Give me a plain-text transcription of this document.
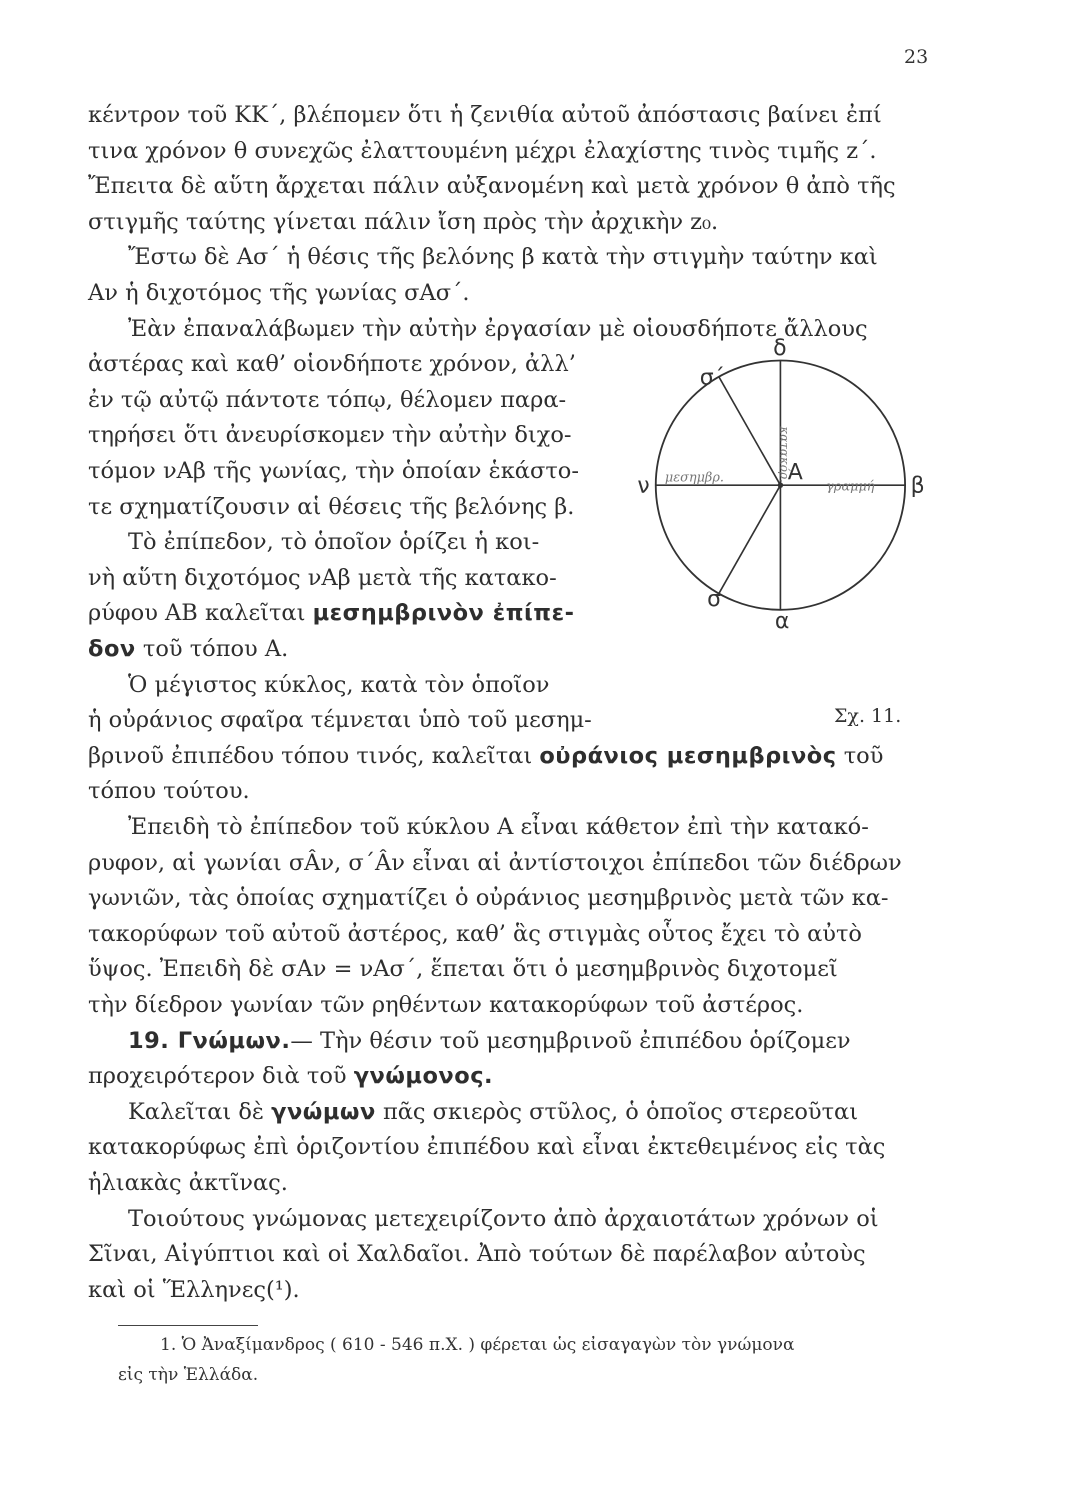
23
κέντρον τοῦ ΚΚ΄, βλέπομεν ὅτι ἡ ζενιθία αὐτοῦ ἀπόστασις βαίνει ἐπί
τινα χρόνον θ συνεχῶς ἐλαττουμένη μέχρι ἐλαχίστης τινὸς τιμῆς z΄.
Ἔπειτα δὲ αὕτη ἄρχεται πάλιν αὐξανομένη καὶ μετὰ χρόνον θ ἀπὸ τῆς
στιγμῆς ταύτης γίνεται πάλιν ἴση πρὸς τὴν ἀρχικὴν z₀.
Ἔστω δὲ Ασ΄ ἡ θέσις τῆς βελόνης β κατὰ τὴν στιγμὴν ταύτην καὶ
Αν ἡ διχοτόμος τῆς γωνίας σΑσ΄.
Ἐὰν ἐπαναλάβωμεν τὴν αὐτὴν ἐργασίαν μὲ οἱουσδήποτε ἄλλους
ἀστέρας καὶ καθ’ οἱονδήποτε χρόνον, ἀλλ’
ἐν τῷ αὐτῷ πάντοτε τόπῳ, θέλομεν παρα-
τηρήσει ὅτι ἀνευρίσκομεν τὴν αὐτὴν διχο-
τόμον νΑβ τῆς γωνίας, τὴν ὁποίαν ἑκάστο-
τε σχηματίζουσιν αἱ θέσεις τῆς βελόνης β.
Τὸ ἐπίπεδον, τὸ ὁποῖον ὁρίζει ἡ κοι-
νὴ αὕτη διχοτόμος νΑβ μετὰ τῆς κατακο-
ρύφου ΑΒ καλεῖται μεσημβρινὸν ἐπίπε-
δον τοῦ τόπου Α.
Ὁ μέγιστος κύκλος, κατὰ τὸν ὁποῖον
ἡ οὐράνιος σφαῖρα τέμνεται ὑπὸ τοῦ μεσημ-
βρινοῦ ἐπιπέδου τόπου τινός, καλεῖται οὐράνιος μεσημβρινὸς τοῦ
τόπου τούτου.
Ἐπειδὴ τὸ ἐπίπεδον τοῦ κύκλου Α εἶναι κάθετον ἐπὶ τὴν κατακό-
ρυφον, αἱ γωνίαι σÂν, σ΄Âν εἶναι αἱ ἀντίστοιχοι ἐπίπεδοι τῶν διέδρων
γωνιῶν, τὰς ὁποίας σχηματίζει ὁ οὐράνιος μεσημβρινὸς μετὰ τῶν κα-
τακορύφων τοῦ αὐτοῦ ἀστέρος, καθ’ ἃς στιγμὰς οὗτος ἔχει τὸ αὐτὸ
ὕψος. Ἐπειδὴ δὲ σΑν = νΑσ΄, ἕπεται ὅτι ὁ μεσημβρινὸς διχοτομεῖ
τὴν δίεδρον γωνίαν τῶν ρηθέντων κατακορύφων τοῦ ἀστέρος.
19. Γνώμων.— Τὴν θέσιν τοῦ μεσημβρινοῦ ἐπιπέδου ὁρίζομεν
προχειρότερον διὰ τοῦ γνώμονος.
Καλεῖται δὲ γνώμων πᾶς σκιερὸς στῦλος, ὁ ὁποῖος στερεοῦται
κατακορύφως ἐπὶ ὁριζοντίου ἐπιπέδου καὶ εἶναι ἐκτεθειμένος εἰς τὰς
ἡλιακὰς ἀκτῖνας.
Τοιούτους γνώμονας μετεχειρίζοντο ἀπὸ ἀρχαιοτάτων χρόνων οἱ
Σῖναι, Αἰγύπτιοι καὶ οἱ Χαλδαῖοι. Ἀπὸ τούτων δὲ παρέλαβον αὐτοὺς
δ
σ΄
ν
Α
β
σ
α
μεσημβρ.
γραμμή
κατακόρ.
Σχ. 11.
καὶ οἱ Ἕλληνες(¹).
1. Ὁ Ἀναξίμανδρος ( 610 - 546 π.Χ. ) φέρεται ὡς εἰσαγαγὼν τὸν γνώμονα
εἰς τὴν Ἑλλάδα.
